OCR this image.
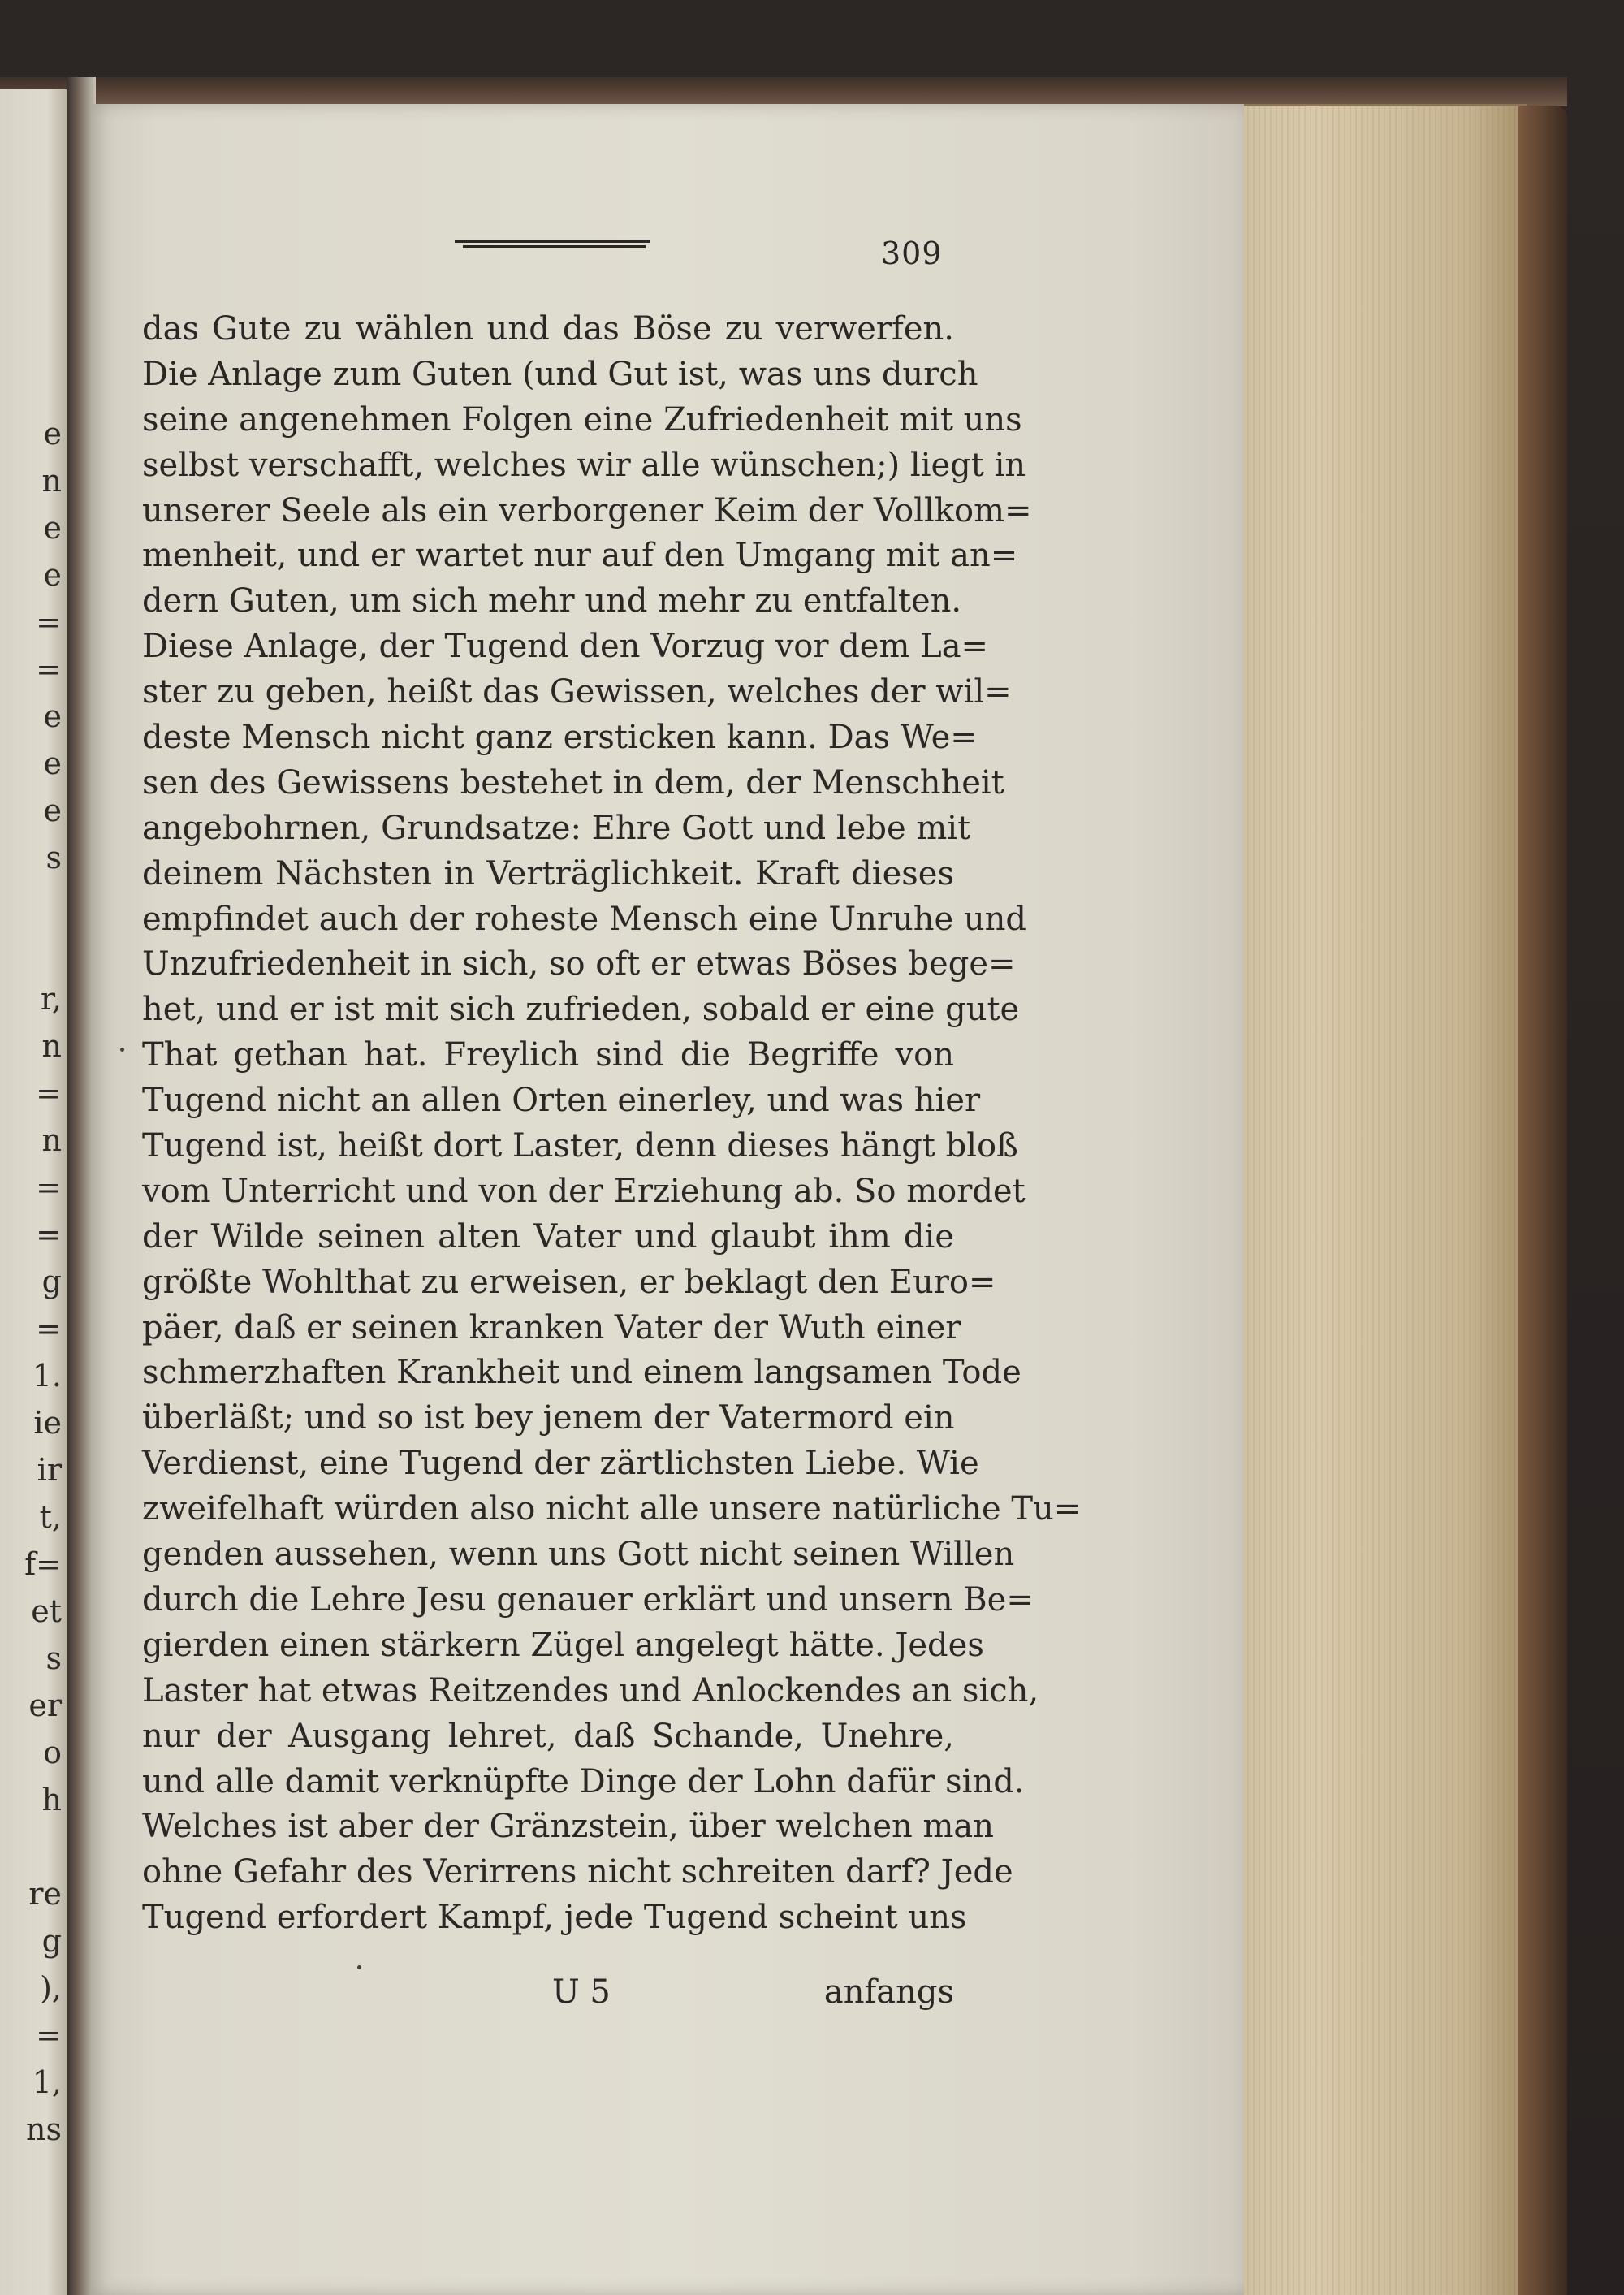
e
n
e
e
=
=
e
e
e
s
r,
n
=
n
=
=
g
=
1.
ie
ir
t,
f=
et
s
er
o
h
re
g
),
=
1,
ns
309
das Gute zu wählen und das Böse zu verwerfen.
Die Anlage zum Guten (und Gut ist, was uns durch
seine angenehmen Folgen eine Zufriedenheit mit uns
selbst verschafft, welches wir alle wünschen;) liegt in
unserer Seele als ein verborgener Keim der Vollkom=
menheit, und er wartet nur auf den Umgang mit an=
dern Guten, um sich mehr und mehr zu entfalten.
Diese Anlage, der Tugend den Vorzug vor dem La=
ster zu geben, heißt das Gewissen, welches der wil=
deste Mensch nicht ganz ersticken kann. Das We=
sen des Gewissens bestehet in dem, der Menschheit
angebohrnen, Grundsatze: Ehre Gott und lebe mit
deinem Nächsten in Verträglichkeit. Kraft dieses
empfindet auch der roheste Mensch eine Unruhe und
Unzufriedenheit in sich, so oft er etwas Böses bege=
het, und er ist mit sich zufrieden, sobald er eine gute
That gethan hat. Freylich sind die Begriffe von
Tugend nicht an allen Orten einerley, und was hier
Tugend ist, heißt dort Laster, denn dieses hängt bloß
vom Unterricht und von der Erziehung ab. So mordet
der Wilde seinen alten Vater und glaubt ihm die
größte Wohlthat zu erweisen, er beklagt den Euro=
päer, daß er seinen kranken Vater der Wuth einer
schmerzhaften Krankheit und einem langsamen Tode
überläßt; und so ist bey jenem der Vatermord ein
Verdienst, eine Tugend der zärtlichsten Liebe. Wie
zweifelhaft würden also nicht alle unsere natürliche Tu=
genden aussehen, wenn uns Gott nicht seinen Willen
durch die Lehre Jesu genauer erklärt und unsern Be=
gierden einen stärkern Zügel angelegt hätte. Jedes
Laster hat etwas Reitzendes und Anlockendes an sich,
nur der Ausgang lehret, daß Schande, Unehre,
und alle damit verknüpfte Dinge der Lohn dafür sind.
Welches ist aber der Gränzstein, über welchen man
ohne Gefahr des Verirrens nicht schreiten darf? Jede
Tugend erfordert Kampf, jede Tugend scheint uns
U 5	anfangs
